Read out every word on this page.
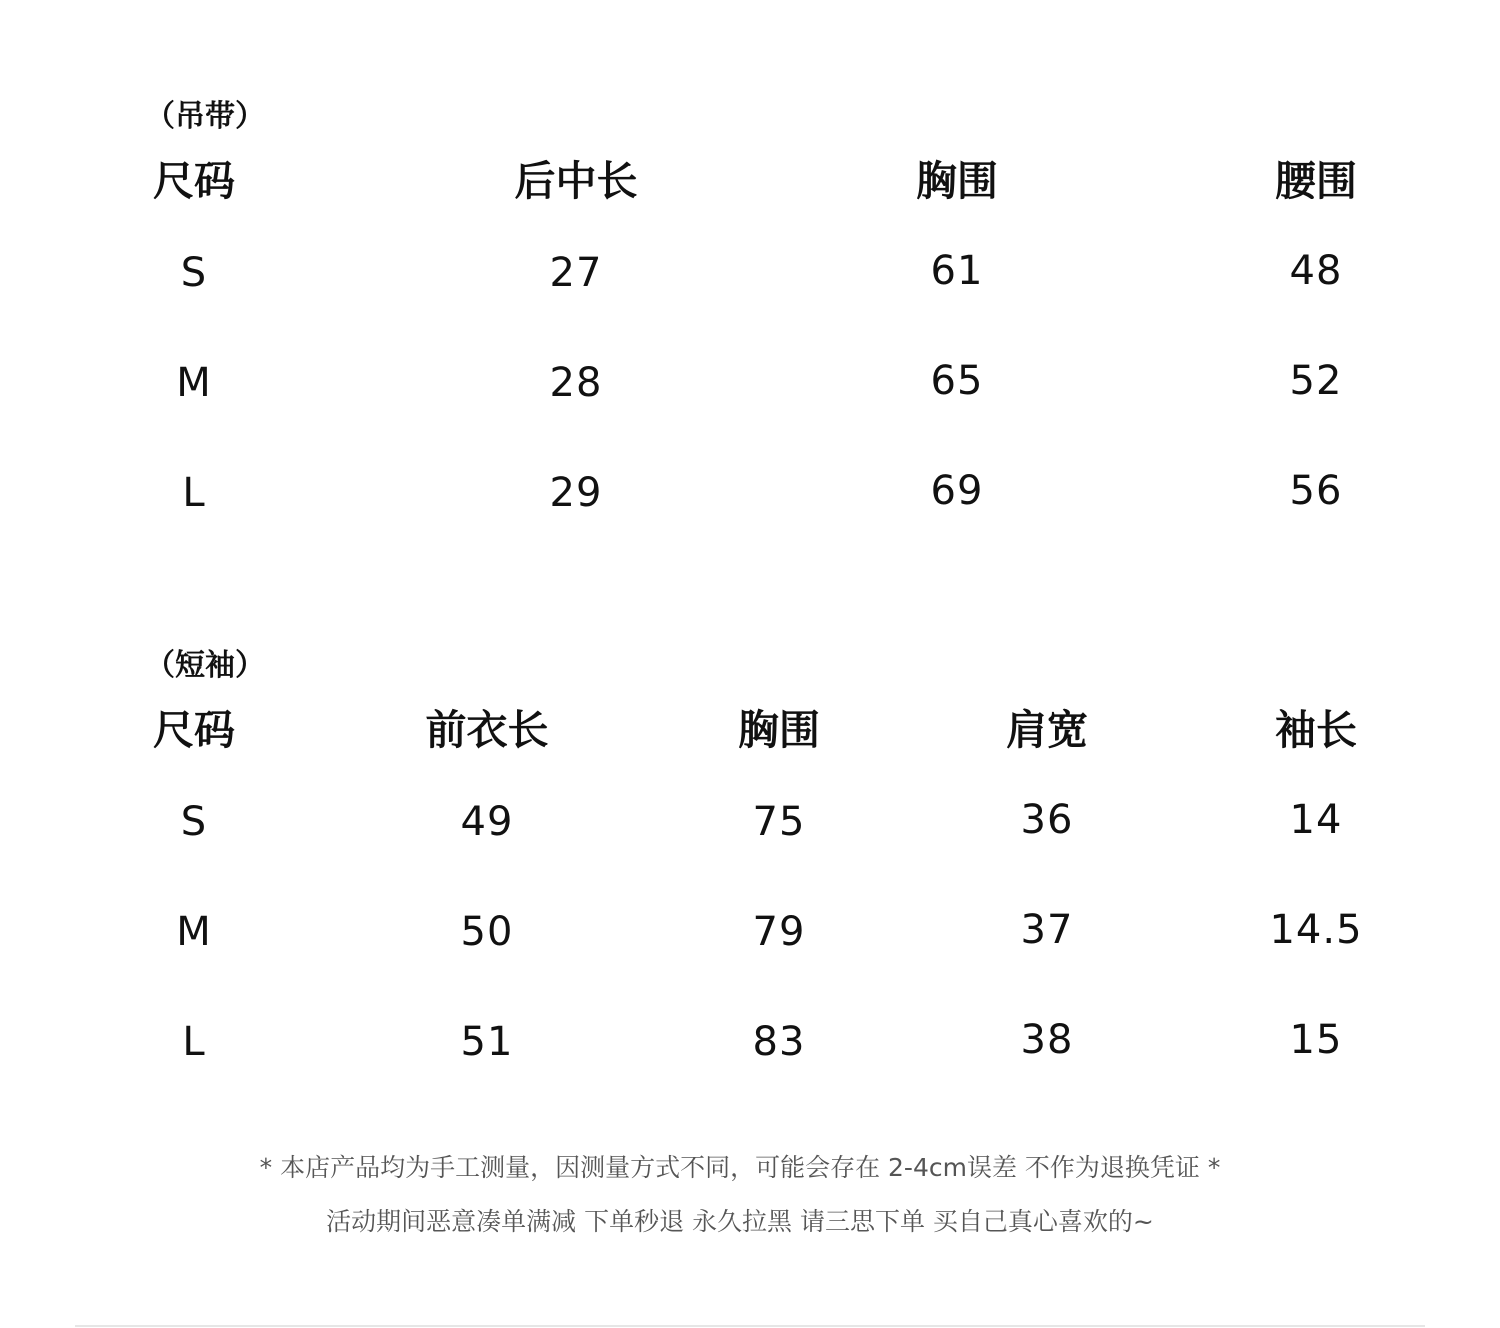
（吊带）
尺码	后中长	胸围	腰围
S	27	61	48
M	28	65	52
L	29	69	56
（短袖）
尺码	前衣长	胸围	肩宽	袖长
S	49	75	36	14
M	50	79	37	14.5
L	51	83	38	15
* 本店产品均为手工测量，因测量方式不同，可能会存在 2-4cm误差 不作为退换凭证 *
活动期间恶意凑单满减 下单秒退 永久拉黑 请三思下单 买自己真心喜欢的~
